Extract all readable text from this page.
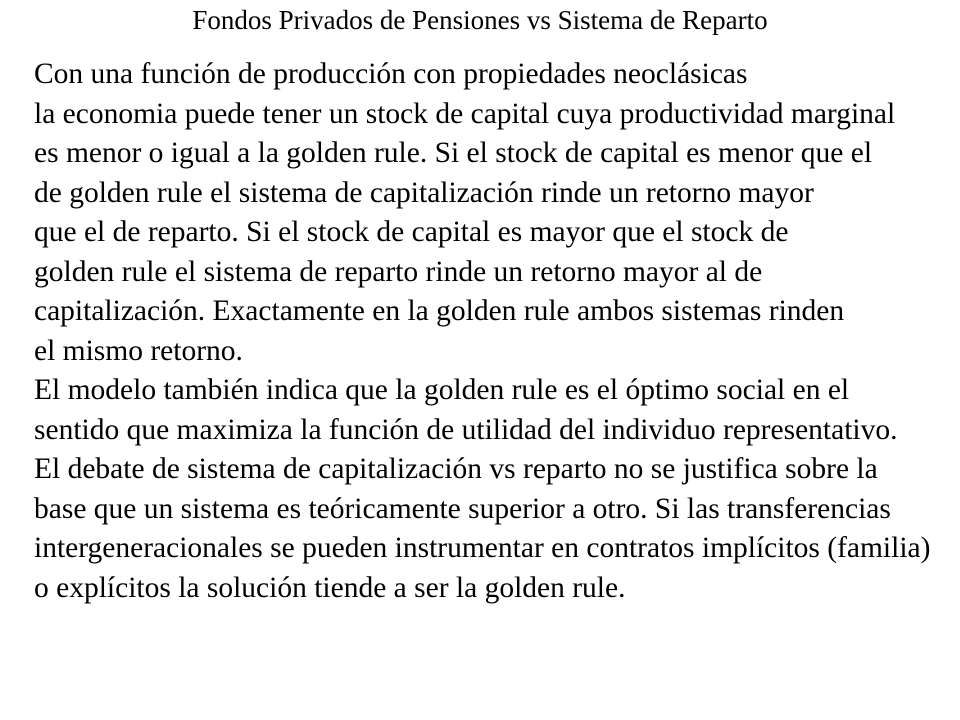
Fondos Privados de Pensiones vs Sistema de Reparto
Con una función de producción con propiedades neoclásicas
la economia puede tener un stock de capital cuya productividad marginal
es menor o igual a la golden rule. Si el stock de capital es menor que el
de golden rule el sistema de capitalización rinde un retorno mayor
que el de reparto. Si el stock de capital es mayor que el stock de
golden rule el sistema de reparto rinde un retorno mayor al de
capitalización. Exactamente en la golden rule ambos sistemas rinden
el mismo retorno.
El modelo también indica que la golden rule es el óptimo social en el
sentido que maximiza la función de utilidad del individuo representativo.
El debate de sistema de capitalización vs reparto no se justifica sobre la
base que un sistema es teóricamente superior a otro. Si las transferencias
intergeneracionales se pueden instrumentar en contratos implícitos (familia)
o explícitos la solución tiende a ser la golden rule.
